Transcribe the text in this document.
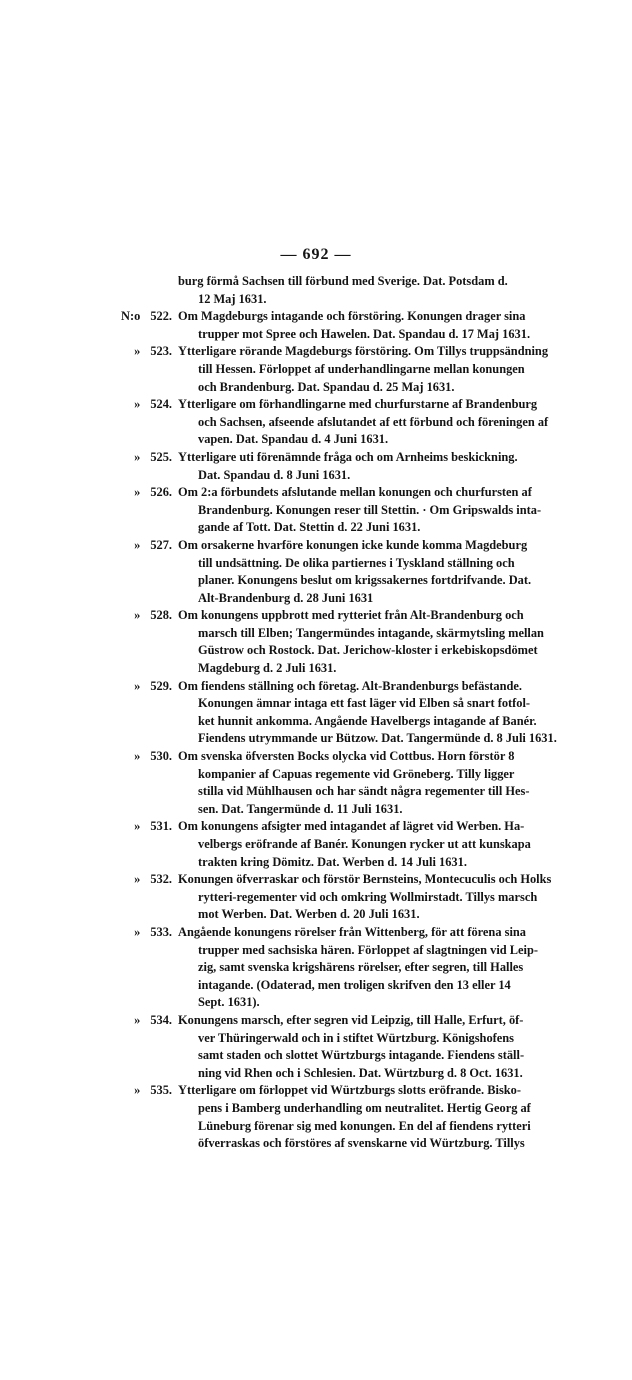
— 692 —
burg förmå Sachsen till förbund med Sverige. Dat. Potsdam d.
12 Maj 1631.
N:o 522. Om Magdeburgs intagande och förstöring. Konungen drager sina
trupper mot Spree och Hawelen. Dat. Spandau d. 17 Maj 1631.
» 523. Ytterligare rörande Magdeburgs förstöring. Om Tillys truppsändning
till Hessen. Förloppet af underhandlingarne mellan konungen
och Brandenburg. Dat. Spandau d. 25 Maj 1631.
» 524. Ytterligare om förhandlingarne med churfurstarne af Brandenburg
och Sachsen, afseende afslutandet af ett förbund och föreningen af
vapen. Dat. Spandau d. 4 Juni 1631.
» 525. Ytterligare uti förenämnde fråga och om Arnheims beskickning.
Dat. Spandau d. 8 Juni 1631.
» 526. Om 2:a förbundets afslutande mellan konungen och churfursten af
Brandenburg. Konungen reser till Stettin. · Om Gripswalds inta-
gande af Tott. Dat. Stettin d. 22 Juni 1631.
» 527. Om orsakerne hvarföre konungen icke kunde komma Magdeburg
till undsättning. De olika partiernes i Tyskland ställning och
planer. Konungens beslut om krigssakernes fortdrifvande. Dat.
Alt-Brandenburg d. 28 Juni 1631
» 528. Om konungens uppbrott med rytteriet från Alt-Brandenburg och
marsch till Elben; Tangermündes intagande, skärmytsling mellan
Güstrow och Rostock. Dat. Jerichow-kloster i erkebiskopsdömet
Magdeburg d. 2 Juli 1631.
» 529. Om fiendens ställning och företag. Alt-Brandenburgs befästande.
Konungen ämnar intaga ett fast läger vid Elben så snart fotfol-
ket hunnit ankomma. Angående Havelbergs intagande af Banér.
Fiendens utrymmande ur Bützow. Dat. Tangermünde d. 8 Juli 1631.
» 530. Om svenska öfversten Bocks olycka vid Cottbus. Horn förstör 8
kompanier af Capuas regemente vid Gröneberg. Tilly ligger
stilla vid Mühlhausen och har sändt några regementer till Hes-
sen. Dat. Tangermünde d. 11 Juli 1631.
» 531. Om konungens afsigter med intagandet af lägret vid Werben. Ha-
velbergs eröfrande af Banér. Konungen rycker ut att kunskapa
trakten kring Dömitz. Dat. Werben d. 14 Juli 1631.
» 532. Konungen öfverraskar och förstör Bernsteins, Montecuculis och Holks
rytteri-regementer vid och omkring Wollmirstadt. Tillys marsch
mot Werben. Dat. Werben d. 20 Juli 1631.
» 533. Angående konungens rörelser från Wittenberg, för att förena sina
trupper med sachsiska hären. Förloppet af slagtningen vid Leip-
zig, samt svenska krigshärens rörelser, efter segren, till Halles
intagande. (Odaterad, men troligen skrifven den 13 eller 14
Sept. 1631).
» 534. Konungens marsch, efter segren vid Leipzig, till Halle, Erfurt, öf-
ver Thüringerwald och in i stiftet Würtzburg. Königshofens
samt staden och slottet Würtzburgs intagande. Fiendens ställ-
ning vid Rhen och i Schlesien. Dat. Würtzburg d. 8 Oct. 1631.
» 535. Ytterligare om förloppet vid Würtzburgs slotts eröfrande. Bisko-
pens i Bamberg underhandling om neutralitet. Hertig Georg af
Lüneburg förenar sig med konungen. En del af fiendens rytteri
öfverraskas och förstöres af svenskarne vid Würtzburg. Tillys
